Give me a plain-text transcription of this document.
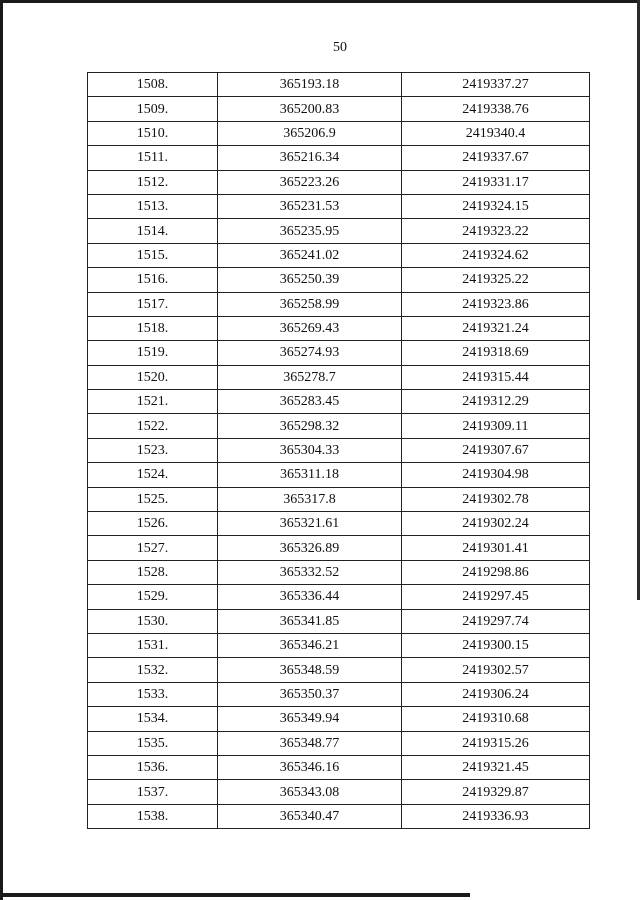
50
1508.	365193.18	2419337.27
1509.	365200.83	2419338.76
1510.	365206.9	2419340.4
1511.	365216.34	2419337.67
1512.	365223.26	2419331.17
1513.	365231.53	2419324.15
1514.	365235.95	2419323.22
1515.	365241.02	2419324.62
1516.	365250.39	2419325.22
1517.	365258.99	2419323.86
1518.	365269.43	2419321.24
1519.	365274.93	2419318.69
1520.	365278.7	2419315.44
1521.	365283.45	2419312.29
1522.	365298.32	2419309.11
1523.	365304.33	2419307.67
1524.	365311.18	2419304.98
1525.	365317.8	2419302.78
1526.	365321.61	2419302.24
1527.	365326.89	2419301.41
1528.	365332.52	2419298.86
1529.	365336.44	2419297.45
1530.	365341.85	2419297.74
1531.	365346.21	2419300.15
1532.	365348.59	2419302.57
1533.	365350.37	2419306.24
1534.	365349.94	2419310.68
1535.	365348.77	2419315.26
1536.	365346.16	2419321.45
1537.	365343.08	2419329.87
1538.	365340.47	2419336.93
